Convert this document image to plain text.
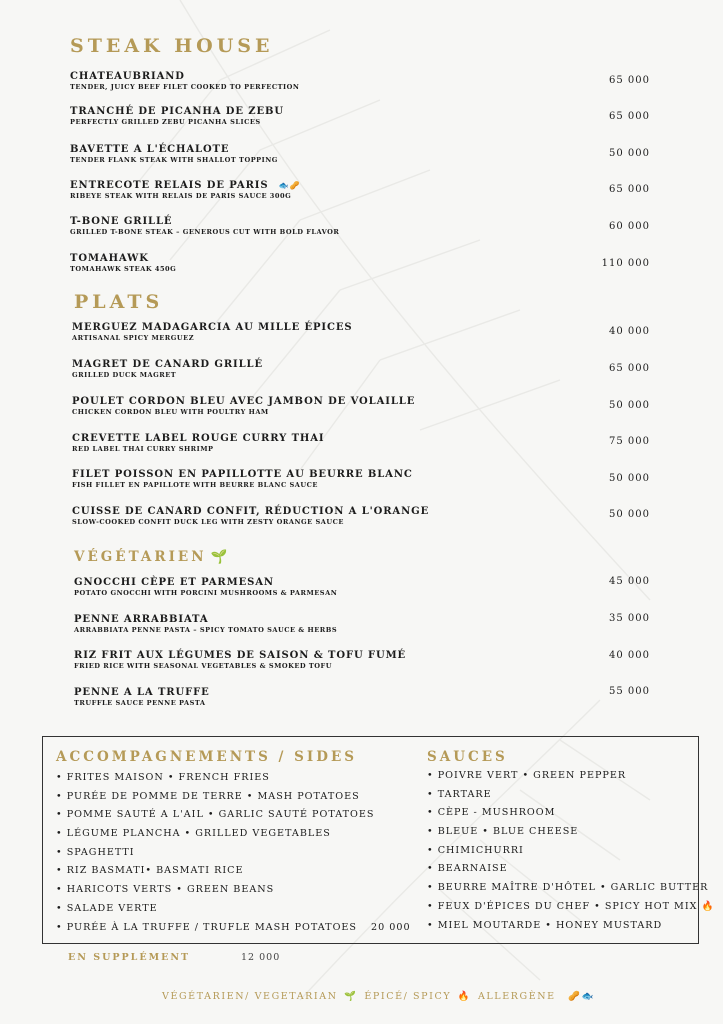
STEAK HOUSE
CHATEAUBRIAND
TENDER, JUICY BEEF FILET COOKED TO PERFECTION
65 000
TRANCHÉ DE PICANHA DE ZEBU
PERFECTLY GRILLED ZEBU PICANHA SLICES	65 000
BAVETTE A L'ÉCHALOTE
TENDER FLANK STEAK WITH SHALLOT TOPPING
50 000
ENTRECOTE RELAIS DE PARIS 🐟🥜
RIBEYE STEAK WITH RELAIS DE PARIS SAUCE 300G
65 000
T-BONE GRILLÉ
GRILLED T-BONE STEAK – GENEROUS CUT WITH BOLD FLAVOR	60 000
TOMAHAWK
TOMAHAWK STEAK 450G	110 000
PLATS
MERGUEZ MADAGARCIA AU MILLE ÉPICES
ARTISANAL SPICY MERGUEZ
40 000
MAGRET DE CANARD GRILLÉ
GRILLED DUCK MAGRET
65 000
POULET CORDON BLEU AVEC JAMBON DE VOLAILLE
CHICKEN CORDON BLEU WITH POULTRY HAM
50 000
CREVETTE LABEL ROUGE CURRY THAI
RED LABEL THAI CURRY SHRIMP
75 000
FILET POISSON EN PAPILLOTTE AU BEURRE BLANC
FISH FILLET EN PAPILLOTE WITH BEURRE BLANC SAUCE
50 000
CUISSE DE CANARD CONFIT, RÉDUCTION A L'ORANGE
SLOW-COOKED CONFIT DUCK LEG WITH ZESTY ORANGE SAUCE
50 000
VÉGÉTARIEN 🌱
GNOCCHI CÈPE ET PARMESAN
POTATO GNOCCHI WITH PORCINI MUSHROOMS & PARMESAN
45 000
PENNE ARRABBIATA
ARRABBIATA PENNE PASTA – SPICY TOMATO SAUCE & HERBS
35 000
RIZ FRIT AUX LÉGUMES DE SAISON & TOFU FUMÉ
FRIED RICE WITH SEASONAL VEGETABLES & SMOKED TOFU
40 000
PENNE A LA TRUFFE
TRUFFLE SAUCE PENNE PASTA
55 000
ACCOMPAGNEMENTS / SIDES
• FRITES MAISON • FRENCH FRIES
• PURÉE DE POMME DE TERRE • MASH POTATOES
• POMME SAUTÉ A L'AIL • GARLIC SAUTÉ POTATOES
• LÉGUME PLANCHA • GRILLED VEGETABLES
• SPAGHETTI
• RIZ BASMATI• BASMATI RICE
• HARICOTS VERTS • GREEN BEANS
• SALADE VERTE
• PURÉE À LA TRUFFE / TRUFLE MASH POTATOES 20 000
SAUCES
• POIVRE VERT • GREEN PEPPER
• TARTARE
• CÈPE - MUSHROOM
• BLEUE • BLUE CHEESE
• CHIMICHURRI
• BEARNAISE
• BEURRE MAÎTRE D'HÔTEL • GARLIC BUTTER
• FEUX D'ÉPICES DU CHEF • SPICY HOT MIX 🔥
• MIEL MOUTARDE • HONEY MUSTARD
EN SUPPLÉMENT	12 000
VÉGÉTARIEN/ VEGETARIAN 🌱 ÉPICÉ/ SPICY 🔥 ALLERGÈNE 🥜🐟
